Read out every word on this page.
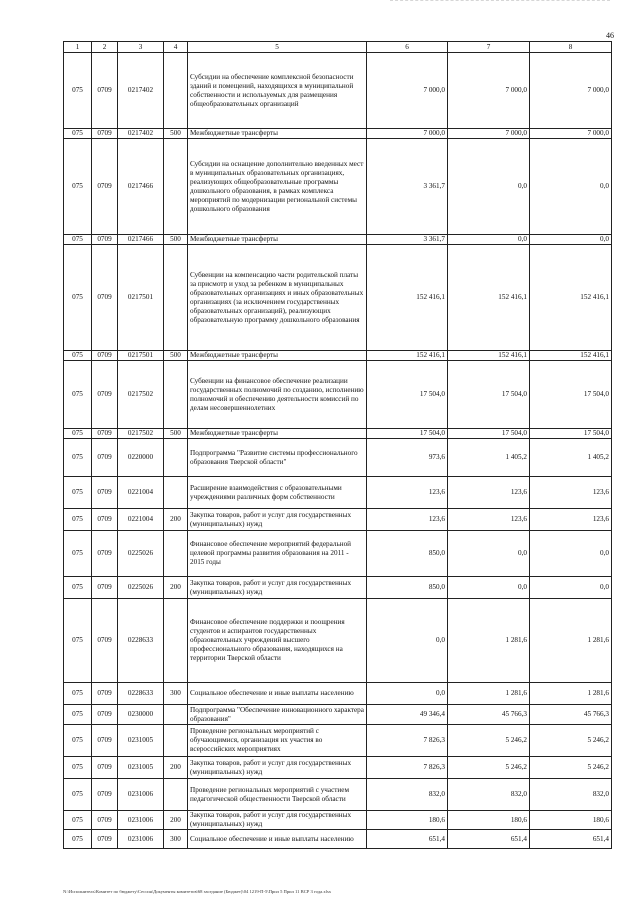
46
1	2	3	4	5	6	7	8
075	0709	0217402		Субсидии на обеспечение комплексной безопасности зданий и помещений, находящихся в муниципальной собственности и используемых для размещения общеобразовательных организаций	7 000,0	7 000,0	7 000,0
075	0709	0217402	500	Межбюджетные трансферты	7 000,0	7 000,0	7 000,0
075	0709	0217466		Субсидии на оснащение дополнительно введенных мест в муниципальных образовательных организациях, реализующих общеобразовательные программы дошкольного образования, в рамках комплекса мероприятий по модернизации региональной системы дошкольного образования	3 361,7	0,0	0,0
075	0709	0217466	500	Межбюджетные трансферты	3 361,7	0,0	0,0
075	0709	0217501		Субвенции на компенсацию части родительской платы за присмотр и уход за ребенком в муниципальных образовательных организациях и иных образовательных организациях (за исключением государственных образовательных организаций), реализующих образовательную программу дошкольного образования	152 416,1	152 416,1	152 416,1
075	0709	0217501	500	Межбюджетные трансферты	152 416,1	152 416,1	152 416,1
075	0709	0217502		Субвенции на финансовое обеспечение реализации государственных полномочий по созданию, исполнению полномочий и обеспечению деятельности комиссий по делам несовершеннолетних	17 504,0	17 504,0	17 504,0
075	0709	0217502	500	Межбюджетные трансферты	17 504,0	17 504,0	17 504,0
075	0709	0220000		Подпрограмма "Развитие системы профессионального образования Тверской области"	973,6	1 405,2	1 405,2
075	0709	0221004		Расширение взаимодействия с образовательными учреждениями различных форм собственности	123,6	123,6	123,6
075	0709	0221004	200	Закупка товаров, работ и услуг для государственных (муниципальных) нужд	123,6	123,6	123,6
075	0709	0225026		Финансовое обеспечение мероприятий федеральной целевой программы развития образования на 2011 - 2015 годы	850,0	0,0	0,0
075	0709	0225026	200	Закупка товаров, работ и услуг для государственных (муниципальных) нужд	850,0	0,0	0,0
075	0709	0228633		Финансовое обеспечение поддержки и поощрения студентов и аспирантов государственных образовательных учреждений высшего профессионального образования, находящихся на территории Тверской области	0,0	1 281,6	1 281,6
075	0709	0228633	300	Социальное обеспечение и иные выплаты населению	0,0	1 281,6	1 281,6
075	0709	0230000		Подпрограмма "Обеспечение инновационного характера образования"	49 346,4	45 766,3	45 766,3
075	0709	0231005		Проведение региональных мероприятий с обучающимися, организация их участия во всероссийских мероприятиях	7 826,3	5 246,2	5 246,2
075	0709	0231005	200	Закупка товаров, работ и услуг для государственных (муниципальных) нужд	7 826,3	5 246,2	5 246,2
075	0709	0231006		Проведение региональных мероприятий с участием педагогической общественности Тверской области	832,0	832,0	832,0
075	0709	0231006	200	Закупка товаров, работ и услуг для государственных (муниципальных) нужд	180,6	180,6	180,6
075	0709	0231006	300	Социальное обеспечение и иные выплаты населению	651,4	651,4	651,4
N:\Исполнитель\Комитет по бюджету\Сессия\Документы комитетов\68 заседание (Бюджет)\04 1219-П-5\Прил 5 Прил 11 ВСР 3 года.xlsx
